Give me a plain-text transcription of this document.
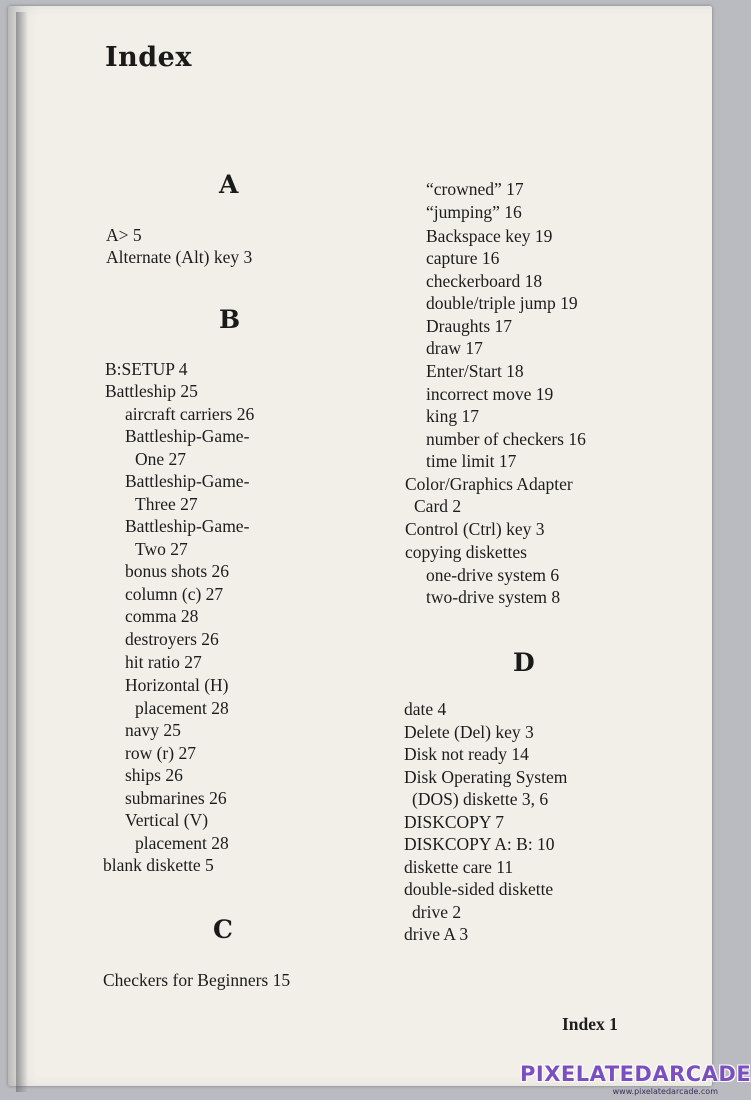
Index
A
B
C
D
A> 5
Alternate (Alt) key 3
B:SETUP 4
Battleship 25
aircraft carriers 26
Battleship-Game-
One 27
Battleship-Game-
Three 27
Battleship-Game-
Two 27
bonus shots 26
column (c) 27
comma 28
destroyers 26
hit ratio 27
Horizontal (H)
placement 28
navy 25
row (r) 27
ships 26
submarines 26
Vertical (V)
placement 28
blank diskette 5
Checkers for Beginners 15
“crowned” 17
“jumping” 16
Backspace key 19
capture 16
checkerboard 18
double/triple jump 19
Draughts 17
draw 17
Enter/Start 18
incorrect move 19
king 17
number of checkers 16
time limit 17
Color/Graphics Adapter
Card 2
Control (Ctrl) key 3
copying diskettes
one-drive system 6
two-drive system 8
date 4
Delete (Del) key 3
Disk not ready 14
Disk Operating System
(DOS) diskette 3, 6
DISKCOPY 7
DISKCOPY A: B: 10
diskette care 11
double-sided diskette
drive 2
drive A 3
Index 1
PIXELATEDARCADE
www.pixelatedarcade.com
